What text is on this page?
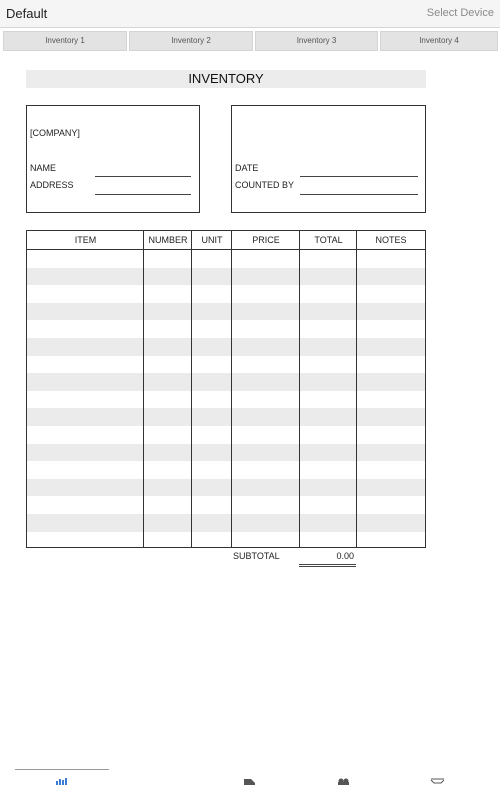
Default	Select Device
Inventory 1	Inventory 2	Inventory 3	Inventory 4
INVENTORY
[COMPANY]
NAME
ADDRESS
DATE
COUNTED BY
ITEM	NUMBER	UNIT	PRICE	TOTAL	NOTES
SUBTOTAL	0.00
